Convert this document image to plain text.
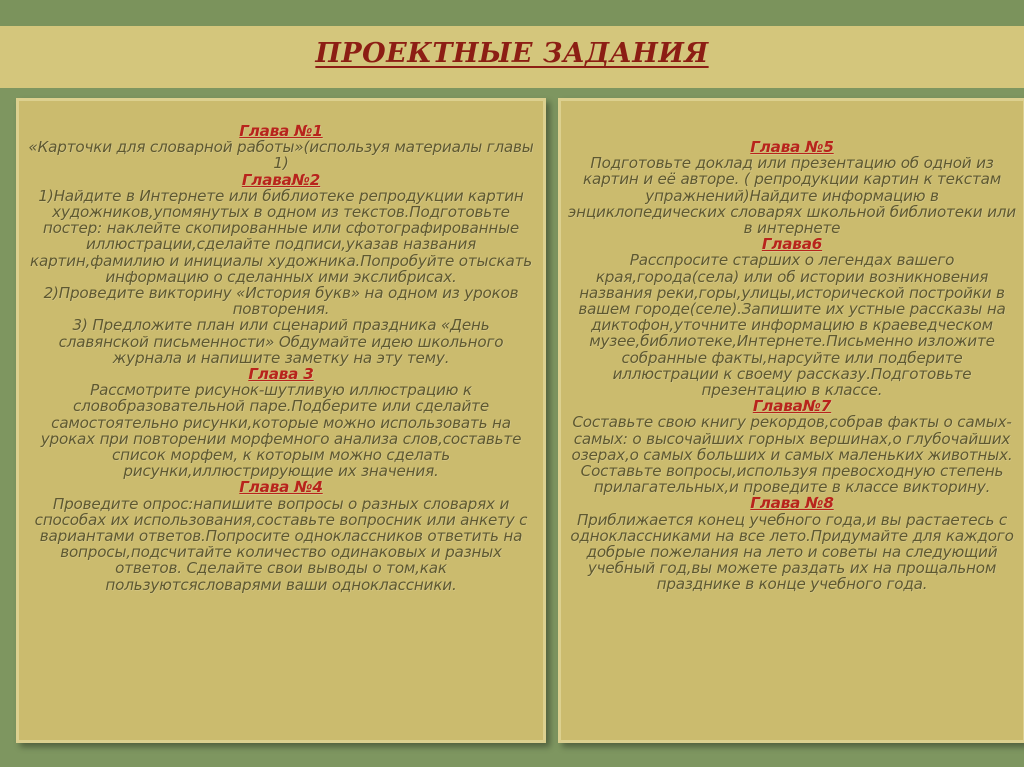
ПРОЕКТНЫЕ ЗАДАНИЯ
Глава №1
«Карточки для словарной работы»(используя материалы главы 1)
Глава№2
1)Найдите в Интернете или библиотеке репродукции картин художников,упомянутых в одном из текстов.Подготовьте постер: наклейте скопированные или сфотографированные иллюстрации,сделайте подписи,указав названия картин,фамилию и инициалы художника.Попробуйте отыскать информацию о сделанных ими экслибрисах.
2)Проведите викторину «История букв» на одном из уроков повторения.
3) Предложите план или сценарий праздника «День славянской письменности» Обдумайте идею школьного журнала и напишите заметку на эту тему.
Глава 3
Рассмотрите рисунок-шутливую иллюстрацию к словобразовательной паре.Подберите или сделайте самостоятельно рисунки,которые можно использовать на уроках при повторении морфемного анализа слов,составьте список морфем, к которым можно сделать рисунки,иллюстрирующие их значения.
Глава №4
Проведите опрос:напишите вопросы о разных словарях и способах их использования,составьте вопросник или анкету с вариантами ответов.Попросите одноклассников ответить на вопросы,подсчитайте количество одинаковых и разных ответов. Сделайте свои выводы о том,как пользуютсясловарями ваши одноклассники.
Глава №5
Подготовьте доклад или презентацию об одной из картин и её авторе. ( репродукции картин к текстам упражнений)Найдите информацию в энциклопедических словарях школьной библиотеки или в интернете
Глава6
Расспросите старших о легендах вашего края,города(села) или об истории возникновения названия реки,горы,улицы,исторической постройки в вашем городе(селе).Запишите их устные рассказы на диктофон,уточните информацию в краеведческом музее,библиотеке,Интернете.Письменно изложите собранные факты,нарсуйте или подберите иллюстрации к своему рассказу.Подготовьте презентацию в классе.
Глава№7
Составьте свою книгу рекордов,собрав факты о самых-самых: о высочайших горных вершинах,о глубочайших озерах,о самых больших и самых маленьких животных. Составьте вопросы,используя превосходную степень прилагательных,и проведите в классе викторину.
Глава №8
Приближается конец учебного года,и вы растаетесь с одноклассниками на все лето.Придумайте для каждого добрые пожелания на лето и советы на следующий учебный год,вы можете раздать их на прощальном празднике в конце учебного года.
